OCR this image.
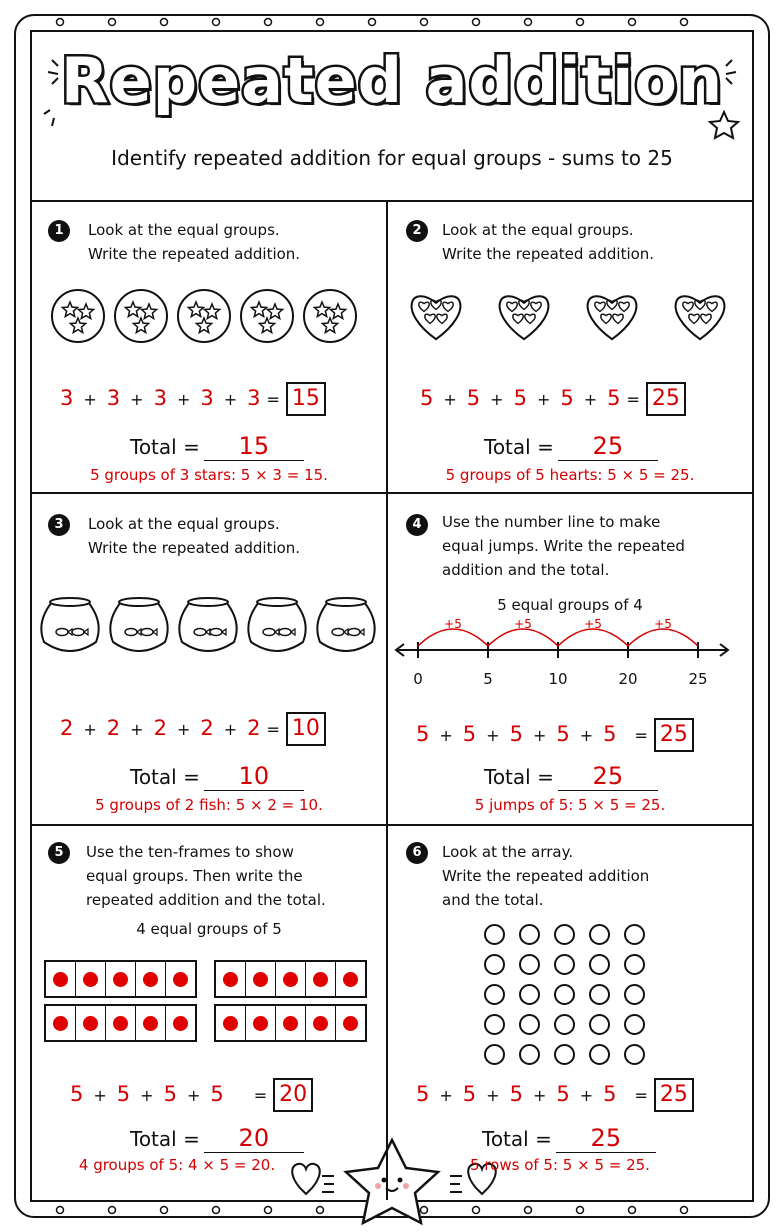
Repeated addition
Identify repeated addition for equal groups - sums to 25
1	Look at the equal groups.
Write the repeated addition.
3 + 3 + 3 + 3 + 3 = 15
Total = 15
5 groups of 3 stars: 5 × 3 = 15.
2	Look at the equal groups.
Write the repeated addition.
5 + 5 + 5 + 5 + 5 = 25
Total = 25
5 groups of 5 hearts: 5 × 5 = 25.
3	Look at the equal groups.
Write the repeated addition.
2 + 2 + 2 + 2 + 2 = 10
Total = 10
5 groups of 2 fish: 5 × 2 = 10.
4	Use the number line to make
equal jumps. Write the repeated
addition and the total.
5 equal groups of 4
0	5	10	20	25
+5	+5	+5	+5
5 + 5 + 5 + 5 + 5 = 25
Total = 25
5 jumps of 5: 5 × 5 = 25.
5	Use the ten-frames to show
equal groups. Then write the
repeated addition and the total.
4 equal groups of 5
5 + 5 + 5 + 5 = 20
Total = 20
4 groups of 5: 4 × 5 = 20.
6	Look at the array.
Write the repeated addition
and the total.
5 + 5 + 5 + 5 + 5 = 25
Total = 25
5 rows of 5: 5 × 5 = 25.
